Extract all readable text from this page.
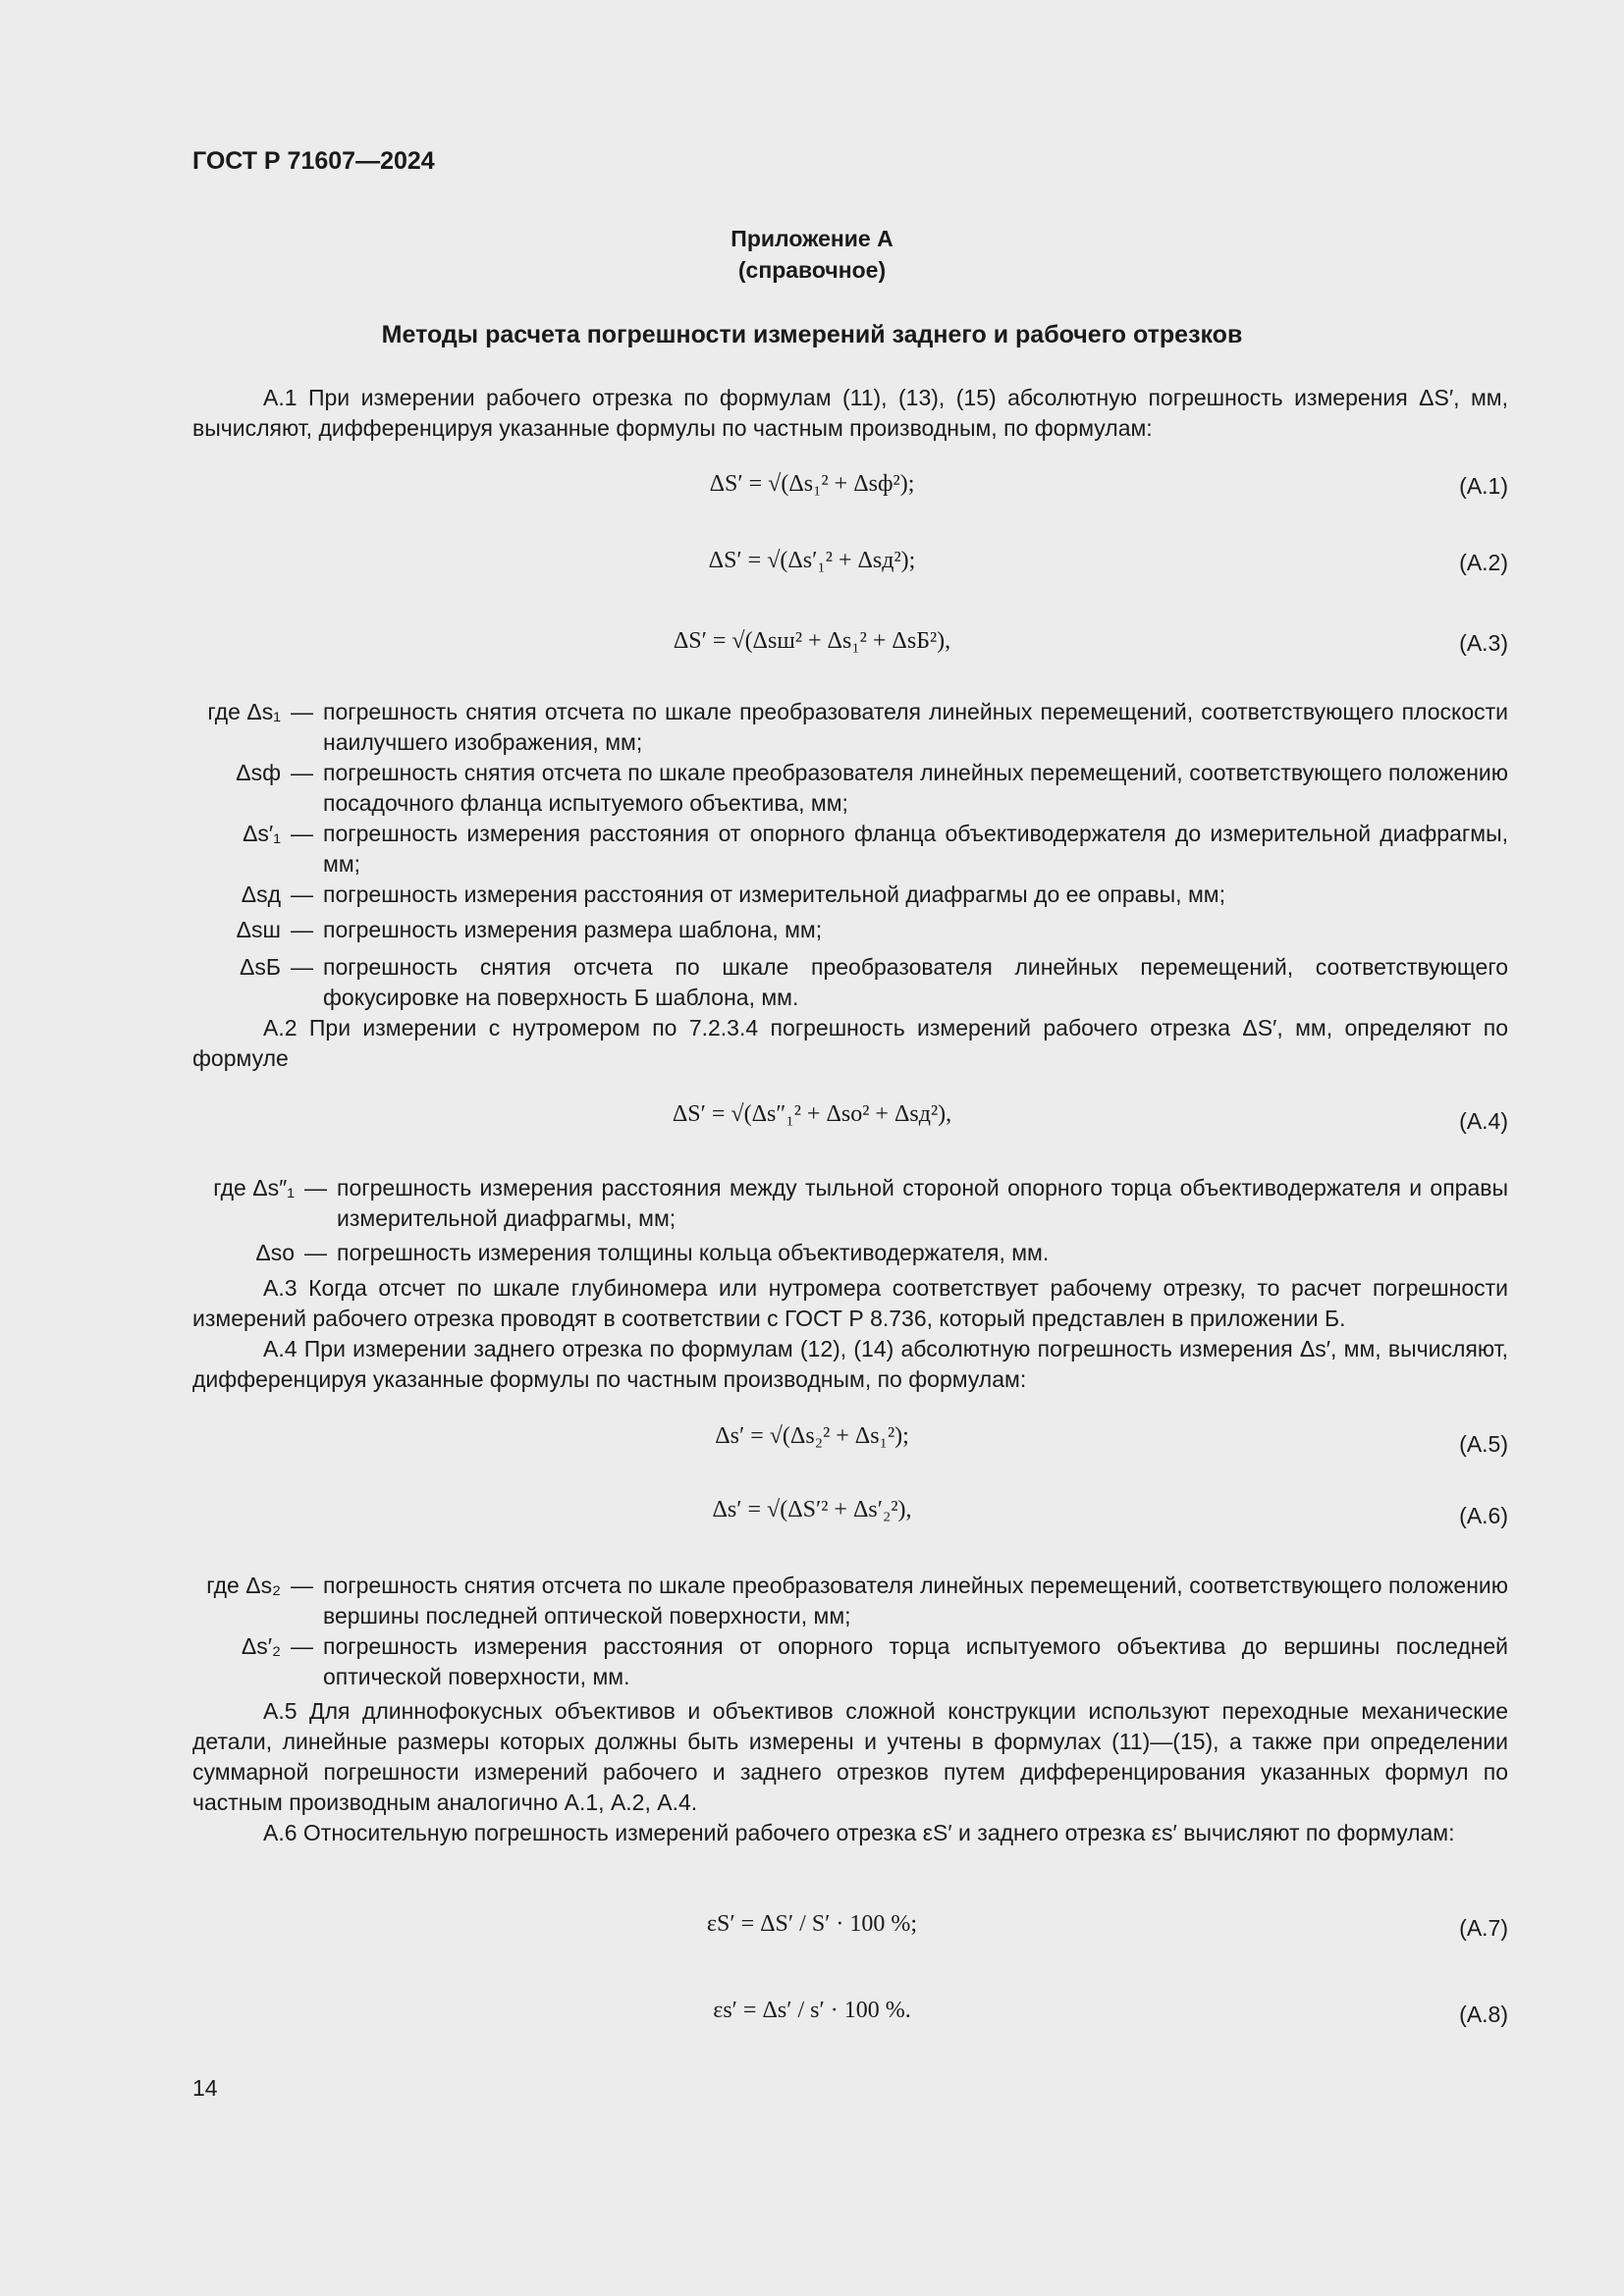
ГОСТ Р 71607—2024
Приложение А
(справочное)
Методы расчета погрешности измерений заднего и рабочего отрезков

А.1 При измерении рабочего отрезка по формулам (11), (13), (15) абсолютную погрешность измерения ΔS′, мм, вычисляют, дифференцируя указанные формулы по частным производным, по формулам:

ΔS′ = √(Δs₁² + Δsф²);	(А.1)
ΔS′ = √(Δs′₁² + Δsд²);	(А.2)
ΔS′ = √(Δsш² + Δs₁² + ΔsБ²),	(А.3)
где Δs₁ — погрешность снятия отсчета по шкале преобразователя линейных перемещений, соответствующего плоскости наилучшего изображения, мм;
Δsф — погрешность снятия отсчета по шкале преобразователя линейных перемещений, соответствующего положению посадочного фланца испытуемого объектива, мм;
Δs′₁ — погрешность измерения расстояния от опорного фланца объективодержателя до измерительной диафрагмы, мм;
Δsд — погрешность измерения расстояния от измерительной диафрагмы до ее оправы, мм;
Δsш — погрешность измерения размера шаблона, мм;
ΔsБ — погрешность снятия отсчета по шкале преобразователя линейных перемещений, соответствующего фокусировке на поверхность Б шаблона, мм.

А.2 При измерении с нутромером по 7.2.3.4 погрешность измерений рабочего отрезка ΔS′, мм, определяют по формуле

ΔS′ = √(Δs″₁² + Δsо² + Δsд²),	(А.4)
где Δs″₁ — погрешность измерения расстояния между тыльной стороной опорного торца объективодержателя и оправы измерительной диафрагмы, мм;
Δsо — погрешность измерения толщины кольца объективодержателя, мм.

А.3 Когда отсчет по шкале глубиномера или нутромера соответствует рабочему отрезку, то расчет погрешности измерений рабочего отрезка проводят в соответствии с ГОСТ Р 8.736, который представлен в приложении Б.

А.4 При измерении заднего отрезка по формулам (12), (14) абсолютную погрешность измерения Δs′, мм, вычисляют, дифференцируя указанные формулы по частным производным, по формулам:

Δs′ = √(Δs₂² + Δs₁²);	(А.5)
Δs′ = √(ΔS′² + Δs′₂²),	(А.6)
где Δs₂ — погрешность снятия отсчета по шкале преобразователя линейных перемещений, соответствующего положению вершины последней оптической поверхности, мм;
Δs′₂ — погрешность измерения расстояния от опорного торца испытуемого объектива до вершины последней оптической поверхности, мм.

А.5 Для длиннофокусных объективов и объективов сложной конструкции используют переходные механические детали, линейные размеры которых должны быть измерены и учтены в формулах (11)—(15), а также при определении суммарной погрешности измерений рабочего и заднего отрезков путем дифференцирования указанных формул по частным производным аналогично А.1, А.2, А.4.

А.6 Относительную погрешность измерений рабочего отрезка εS′ и заднего отрезка εs′ вычисляют по формулам:

εS′ = ΔS′ / S′ · 100 %;	(А.7)
εs′ = Δs′ / s′ · 100 %.	(А.8)
14
